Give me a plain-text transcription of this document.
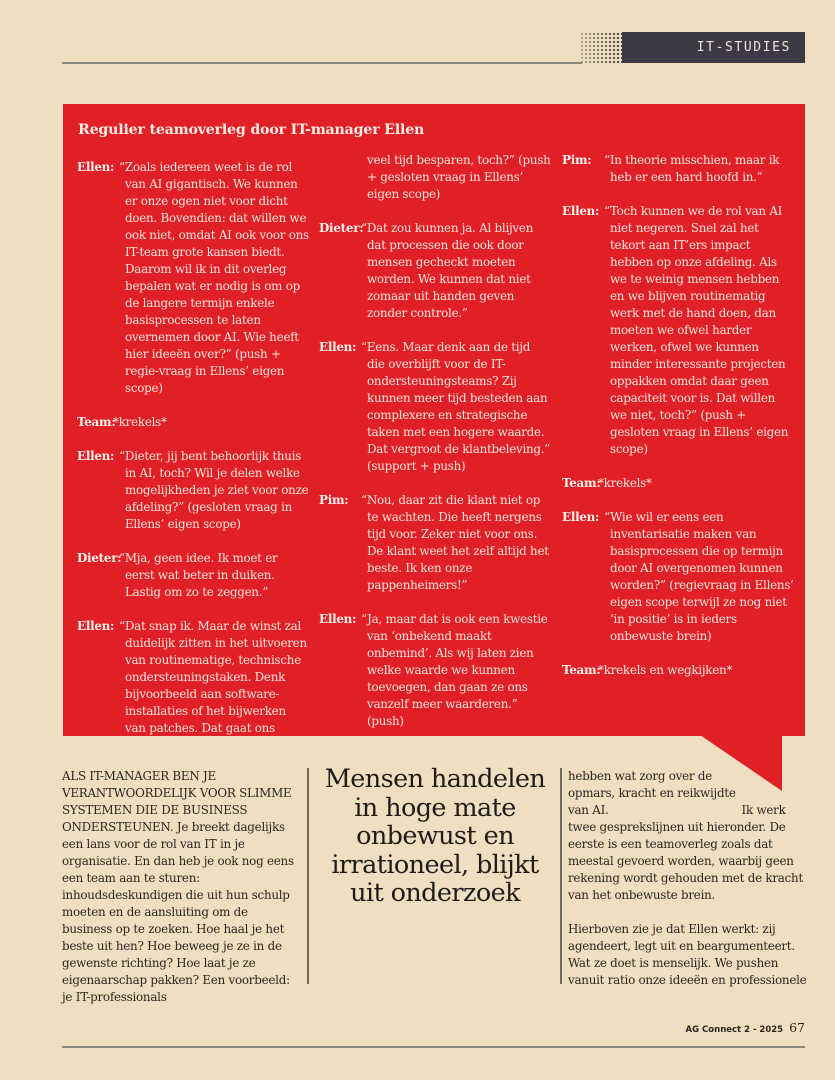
IT-STUDIES
Regulier teamoverleg door IT-manager Ellen
Ellen: “Zoals iedereen weet is de rol van AI gigantisch. We kunnen er onze ogen niet voor dicht doen. Bovendien: dat willen we ook niet, omdat AI ook voor ons IT-team grote kansen biedt. Daarom wil ik in dit overleg bepalen wat er nodig is om op de langere termijn enkele basisprocessen te laten overnemen door AI. Wie heeft hier ideeën over?” (push + regie-vraag in Ellens’ eigen scope)
Team:
*krekels*
Ellen: “Dieter, jij bent behoorlijk thuis in AI, toch? Wil je delen welke mogelijkheden je ziet voor onze afdeling?” (gesloten vraag in Ellens’ eigen scope)
Dieter:
“Mja, geen idee. Ik moet er eerst wat beter in duiken. Lastig om zo te zeggen.”
Ellen: “Dat snap ik. Maar de winst zal duidelijk zitten in het uitvoeren van routinematige, technische ondersteuningstaken. Denk bijvoorbeeld aan software-installaties of het bijwerken van patches. Dat gaat ons
veel tijd besparen, toch?” (push + gesloten vraag in Ellens’ eigen scope)
Dieter:
“Dat zou kunnen ja. Al blijven dat processen die ook door mensen gecheckt moeten worden. We kunnen dat niet zomaar uit handen geven zonder controle.”
Ellen: “Eens. Maar denk aan de tijd die overblijft voor de IT-ondersteuningsteams? Zij kunnen meer tijd besteden aan complexere en strategische taken met een hogere waarde. Dat vergroot de klantbeleving.” (support + push)
Pim:	“Nou, daar zit die klant niet op te wachten. Die heeft nergens tijd voor. Zeker niet voor ons. De klant weet het zelf altijd het beste. Ik ken onze pappenheimers!”
Ellen: “Ja, maar dat is ook een kwestie van ‘onbekend maakt onbemind’. Als wij laten zien welke waarde we kunnen toevoegen, dan gaan ze ons vanzelf meer waarderen.” (push)
Pim:	“In theorie misschien, maar ik heb er een hard hoofd in.”
Ellen: “Toch kunnen we de rol van AI niet negeren. Snel zal het tekort aan IT’ers impact hebben op onze afdeling. Als we te weinig mensen hebben en we blijven routinematig werk met de hand doen, dan moeten we ofwel harder werken, ofwel we kunnen minder interessante projecten oppakken omdat daar geen capaciteit voor is. Dat willen we niet, toch?” (push + gesloten vraag in Ellens’ eigen scope)
Team:
*krekels*
Ellen: “Wie wil er eens een inventarisatie maken van basisprocessen die op termijn door AI overgenomen kunnen worden?” (regievraag in Ellens’ eigen scope terwijl ze nog niet ‘in positie’ is in ieders onbewuste brein)
Team:
*krekels en wegkijken*
ALS IT-MANAGER BEN JE VERANTWOORDELIJK VOOR SLIMME SYSTEMEN DIE DE BUSINESS ONDERSTEUNEN. Je breekt dagelijks een lans voor de rol van IT in je organisatie. En dan heb je ook nog eens een team aan te sturen: inhoudsdeskundigen die uit hun schulp moeten en de aansluiting om de business op te zoeken. Hoe haal je het beste uit hen? Hoe beweeg je ze in de gewenste richting? Hoe laat je ze eigenaarschap pakken? Een voorbeeld: je IT-professionals
Mensen handelen in hoge mate onbewust en irrationeel, blijkt uit onderzoek

hebben wat zorg over de opmars, kracht en reikwijdte van AI.	Ik werk twee gesprekslijnen uit hieronder. De eerste is een teamoverleg zoals dat meestal gevoerd worden, waarbij geen rekening wordt gehouden met de kracht van het onbewuste brein.

Hierboven zie je dat Ellen werkt: zij agendeert, legt uit en beargumenteert. Wat ze doet is menselijk. We pushen vanuit ratio onze ideeën en professionele

AG Connect 2 - 2025 67
